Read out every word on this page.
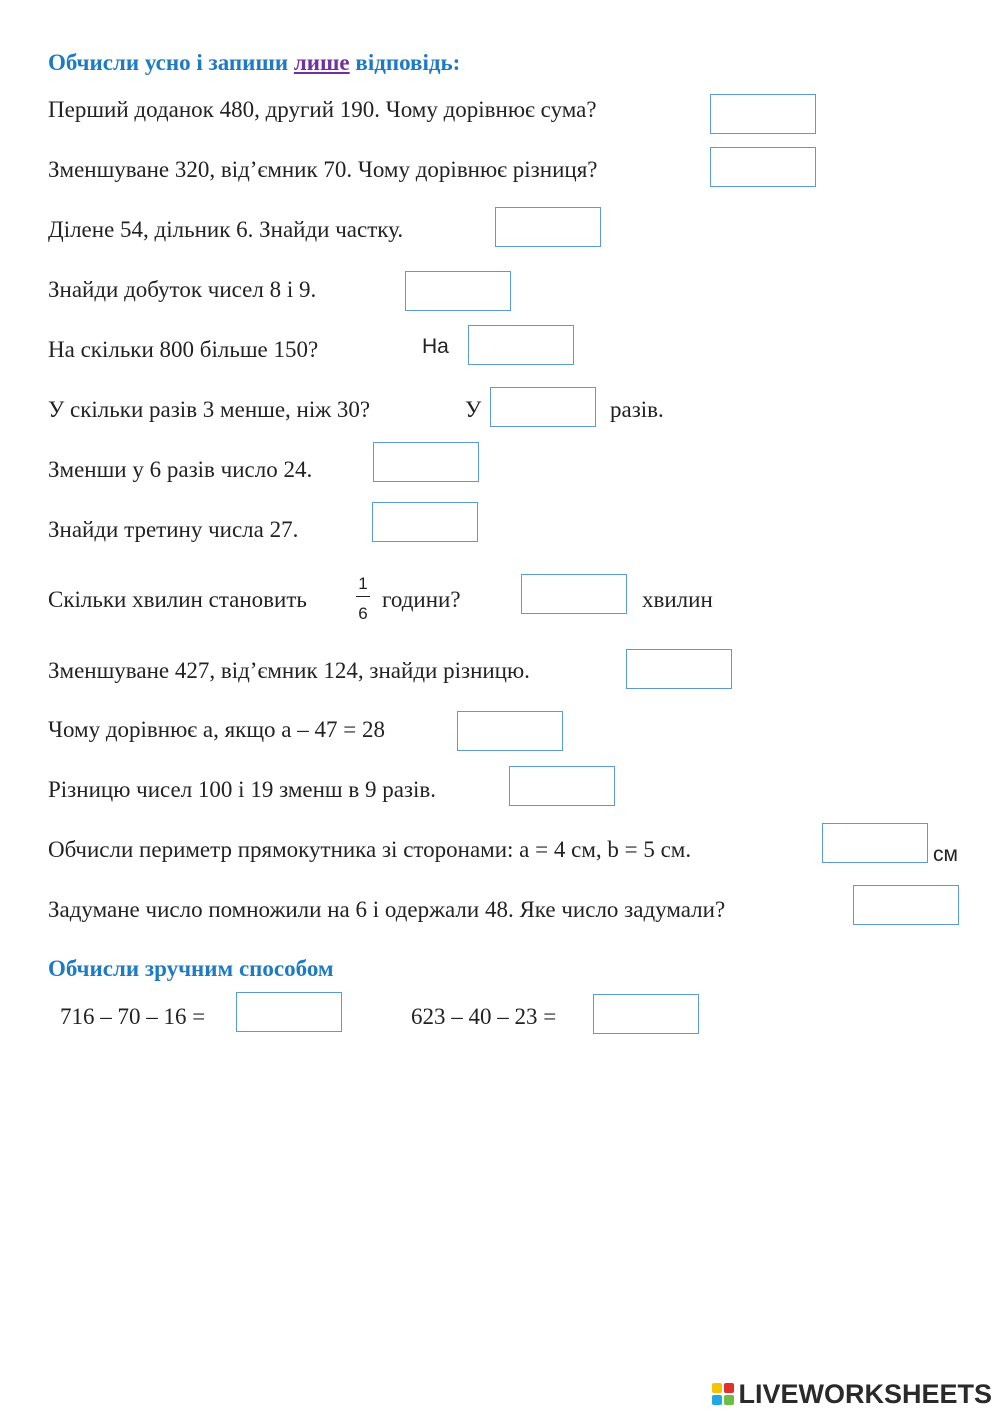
Обчисли усно і запиши лише відповідь:
Перший доданок 480, другий 190. Чому дорівнює сума?
Зменшуване 320, від’ємник 70. Чому дорівнює різниця?
Ділене 54, дільник 6. Знайди частку.
Знайди добуток чисел 8 і 9.
На скільки 800 більше 150?	На
У скільки разів 3 менше, ніж 30?	У	разів.
Зменши у 6 разів число 24.
Знайди третину числа 27.
Скільки хвилин становить
1
6
години?	хвилин
Зменшуване 427, від’ємник 124, знайди різницю.
Чому дорівнює а, якщо а – 47 = 28
Різницю чисел 100 і 19 зменш в 9 разів.
Обчисли периметр прямокутника зі сторонами: а = 4 см, b = 5 см.	см
Задумане число помножили на 6 і одержали 48. Яке число задумали?
Обчисли зручним способом
716 – 70 – 16 =	623 – 40 – 23 =
LIVEWORKSHEETS
